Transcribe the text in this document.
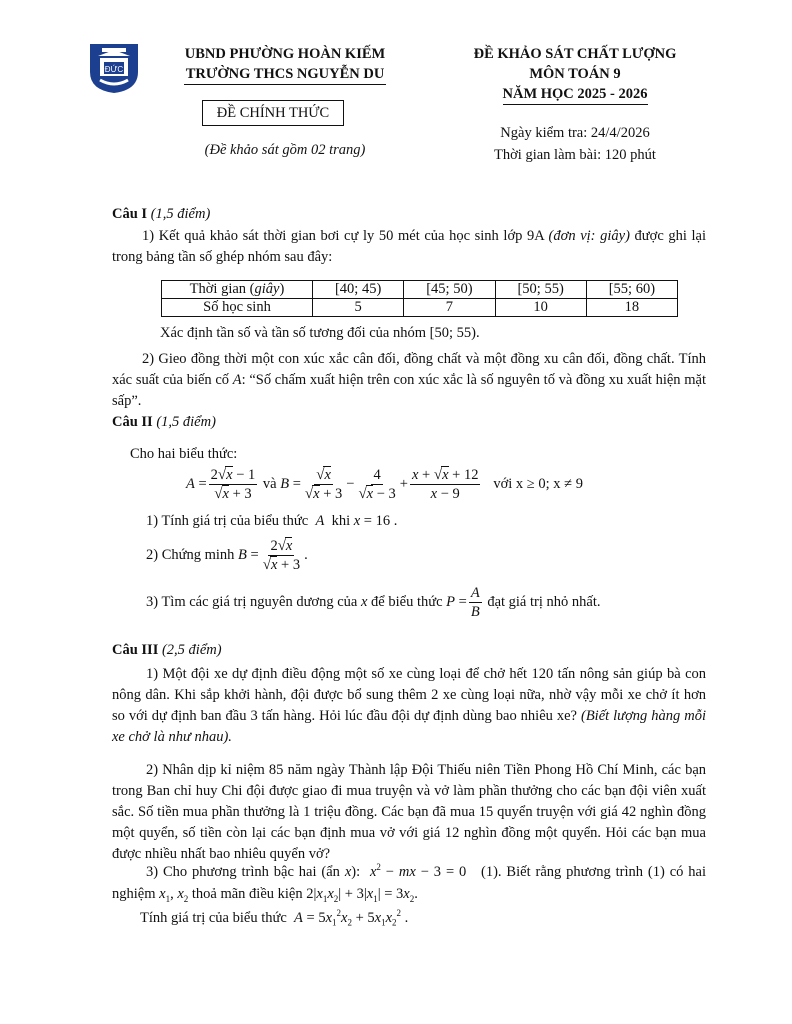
ĐỨC
UBND PHƯỜNG HOÀN KIẾM
TRƯỜNG THCS NGUYỄN DU
ĐỀ CHÍNH THỨC
(Đề khảo sát gồm 02 trang)
ĐỀ KHẢO SÁT CHẤT LƯỢNG
MÔN TOÁN 9
NĂM HỌC 2025 - 2026
Ngày kiểm tra: 24/4/2026
Thời gian làm bài: 120 phút
Câu I (1,5 điểm)
1) Kết quả khảo sát thời gian bơi cự ly 50 mét của học sinh lớp 9A (đơn vị: giây) được ghi lại trong bảng tần số ghép nhóm sau đây:
Thời gian (giây)	[40; 45)	[45; 50)	[50; 55)	[55; 60)
Số học sinh	5	7	10	18
Xác định tần số và tần số tương đối của nhóm [50; 55).
2) Gieo đồng thời một con xúc xắc cân đối, đồng chất và một đồng xu cân đối, đồng chất. Tính xác suất của biến cố A: “Số chấm xuất hiện trên con xúc xắc là số nguyên tố và đồng xu xuất hiện mặt sấp”.
Câu II (1,5 điểm)
Cho hai biểu thức:
$A = \frac{2√x - 1}{√x + 3}$
và
$B = \frac{√x}{√x + 3} - \frac{4}{√x - 3} + \frac{x + √x + 12}{x - 9}$
với x ≥ 0; x ≠ 9
1) Tính giá trị của biểu thức  A  khi x = 16 .
2) Chứng minh
$B = \frac{2√x}{√x + 3}$ .
3) Tìm các giá trị nguyên dương của
x
để biểu thức
$P = \frac{A}{B}$
đạt giá trị nhỏ nhất.
Câu III (2,5 điểm)
1) Một đội xe dự định điều động một số xe cùng loại để chở hết 120 tấn nông sản giúp bà con nông dân. Khi sắp khởi hành, đội được bổ sung thêm 2 xe cùng loại nữa, nhờ vậy mỗi xe chở ít hơn so với dự định ban đầu 3 tấn hàng. Hỏi lúc đầu đội dự định dùng bao nhiêu xe? (Biết lượng hàng mỗi xe chở là như nhau).
2) Nhân dịp kỉ niệm 85 năm ngày Thành lập Đội Thiếu niên Tiền Phong Hồ Chí Minh, các bạn trong Ban chỉ huy Chi đội được giao đi mua truyện và vở làm phần thưởng cho các bạn đội viên xuất sắc. Số tiền mua phần thưởng là 1 triệu đồng. Các bạn đã mua 15 quyển truyện với giá 42 nghìn đồng một quyển, số tiền còn lại các bạn định mua vở với giá 12 nghìn đồng một quyển. Hỏi các bạn mua được nhiều nhất bao nhiêu quyển vở?
3) Cho phương trình bậc hai (ẩn x): $x^2$ − mx − 3 = 0   (1). Biết rằng phương trình (1) có hai nghiệm $x_1$, $x_2$ thoả mãn điều kiện $2|x_1x_2| + 3|x_1| = 3x_2$.
Tính giá trị của biểu thức $A = 5x_1^2x_2 + 5x_1x_2^2$ .
